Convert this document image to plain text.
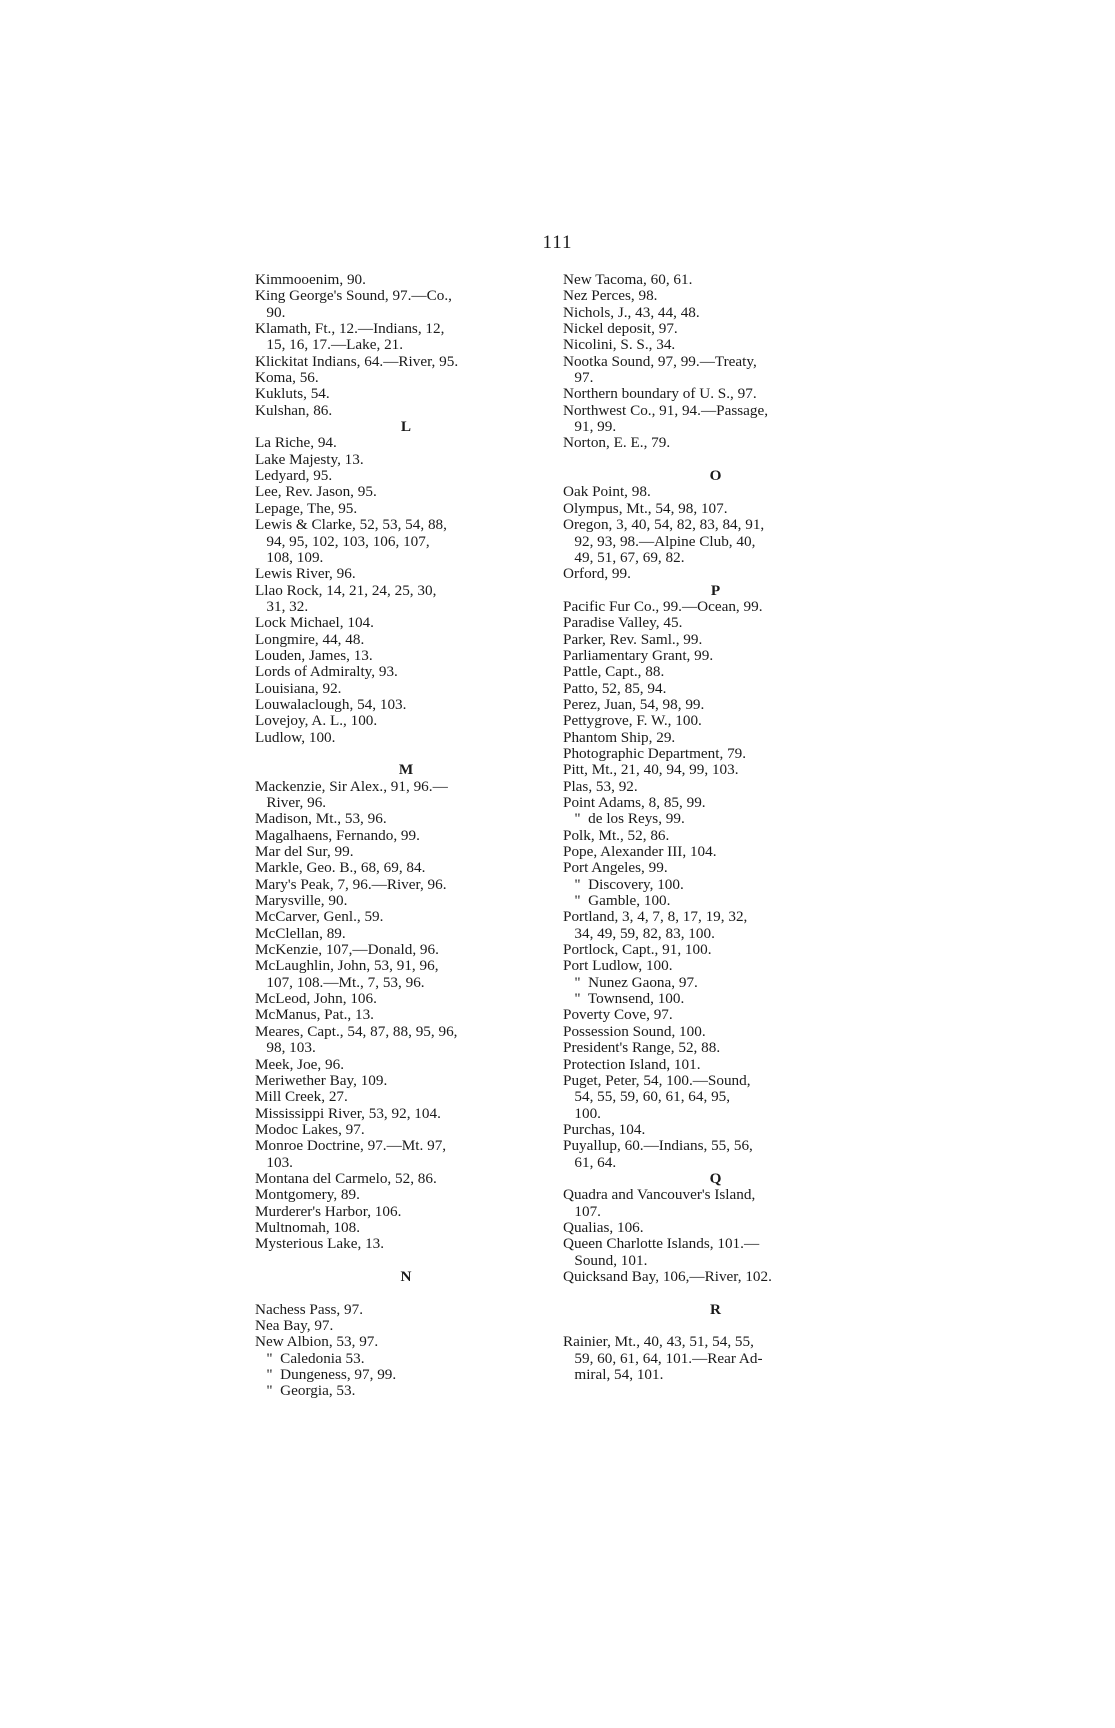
111
Kimmooenim, 90.
King George's Sound, 97.—Co.,
90.
Klamath, Ft., 12.—Indians, 12,
15, 16, 17.—Lake, 21.
Klickitat Indians, 64.—River, 95.
Koma, 56.
Kukluts, 54.
Kulshan, 86.
L
La Riche, 94.
Lake Majesty, 13.
Ledyard, 95.
Lee, Rev. Jason, 95.
Lepage, The, 95.
Lewis & Clarke, 52, 53, 54, 88,
94, 95, 102, 103, 106, 107,
108, 109.
Lewis River, 96.
Llao Rock, 14, 21, 24, 25, 30,
31, 32.
Lock Michael, 104.
Longmire, 44, 48.
Louden, James, 13.
Lords of Admiralty, 93.
Louisiana, 92.
Louwalaclough, 54, 103.
Lovejoy, A. L., 100.
Ludlow, 100.
M
Mackenzie, Sir Alex., 91, 96.—
River, 96.
Madison, Mt., 53, 96.
Magalhaens, Fernando, 99.
Mar del Sur, 99.
Markle, Geo. B., 68, 69, 84.
Mary's Peak, 7, 96.—River, 96.
Marysville, 90.
McCarver, Genl., 59.
McClellan, 89.
McKenzie, 107,—Donald, 96.
McLaughlin, John, 53, 91, 96,
107, 108.—Mt., 7, 53, 96.
McLeod, John, 106.
McManus, Pat., 13.
Meares, Capt., 54, 87, 88, 95, 96,
98, 103.
Meek, Joe, 96.
Meriwether Bay, 109.
Mill Creek, 27.
Mississippi River, 53, 92, 104.
Modoc Lakes, 97.
Monroe Doctrine, 97.—Mt. 97,
103.
Montana del Carmelo, 52, 86.
Montgomery, 89.
Murderer's Harbor, 106.
Multnomah, 108.
Mysterious Lake, 13.
N
Nachess Pass, 97.
Nea Bay, 97.
New Albion, 53, 97.
"  Caledonia 53.
"  Dungeness, 97, 99.
"  Georgia, 53.
New Tacoma, 60, 61.
Nez Perces, 98.
Nichols, J., 43, 44, 48.
Nickel deposit, 97.
Nicolini, S. S., 34.
Nootka Sound, 97, 99.—Treaty,
97.
Northern boundary of U. S., 97.
Northwest Co., 91, 94.—Passage,
91, 99.
Norton, E. E., 79.
O
Oak Point, 98.
Olympus, Mt., 54, 98, 107.
Oregon, 3, 40, 54, 82, 83, 84, 91,
92, 93, 98.—Alpine Club, 40,
49, 51, 67, 69, 82.
Orford, 99.
P
Pacific Fur Co., 99.—Ocean, 99.
Paradise Valley, 45.
Parker, Rev. Saml., 99.
Parliamentary Grant, 99.
Pattle, Capt., 88.
Patto, 52, 85, 94.
Perez, Juan, 54, 98, 99.
Pettygrove, F. W., 100.
Phantom Ship, 29.
Photographic Department, 79.
Pitt, Mt., 21, 40, 94, 99, 103.
Plas, 53, 92.
Point Adams, 8, 85, 99.
"  de los Reys, 99.
Polk, Mt., 52, 86.
Pope, Alexander III, 104.
Port Angeles, 99.
"  Discovery, 100.
"  Gamble, 100.
Portland, 3, 4, 7, 8, 17, 19, 32,
34, 49, 59, 82, 83, 100.
Portlock, Capt., 91, 100.
Port Ludlow, 100.
"  Nunez Gaona, 97.
"  Townsend, 100.
Poverty Cove, 97.
Possession Sound, 100.
President's Range, 52, 88.
Protection Island, 101.
Puget, Peter, 54, 100.—Sound,
54, 55, 59, 60, 61, 64, 95,
100.
Purchas, 104.
Puyallup, 60.—Indians, 55, 56,
61, 64.
Q
Quadra and Vancouver's Island,
107.
Qualias, 106.
Queen Charlotte Islands, 101.—
Sound, 101.
Quicksand Bay, 106,—River, 102.
R
Rainier, Mt., 40, 43, 51, 54, 55,
59, 60, 61, 64, 101.—Rear Ad-
miral, 54, 101.
